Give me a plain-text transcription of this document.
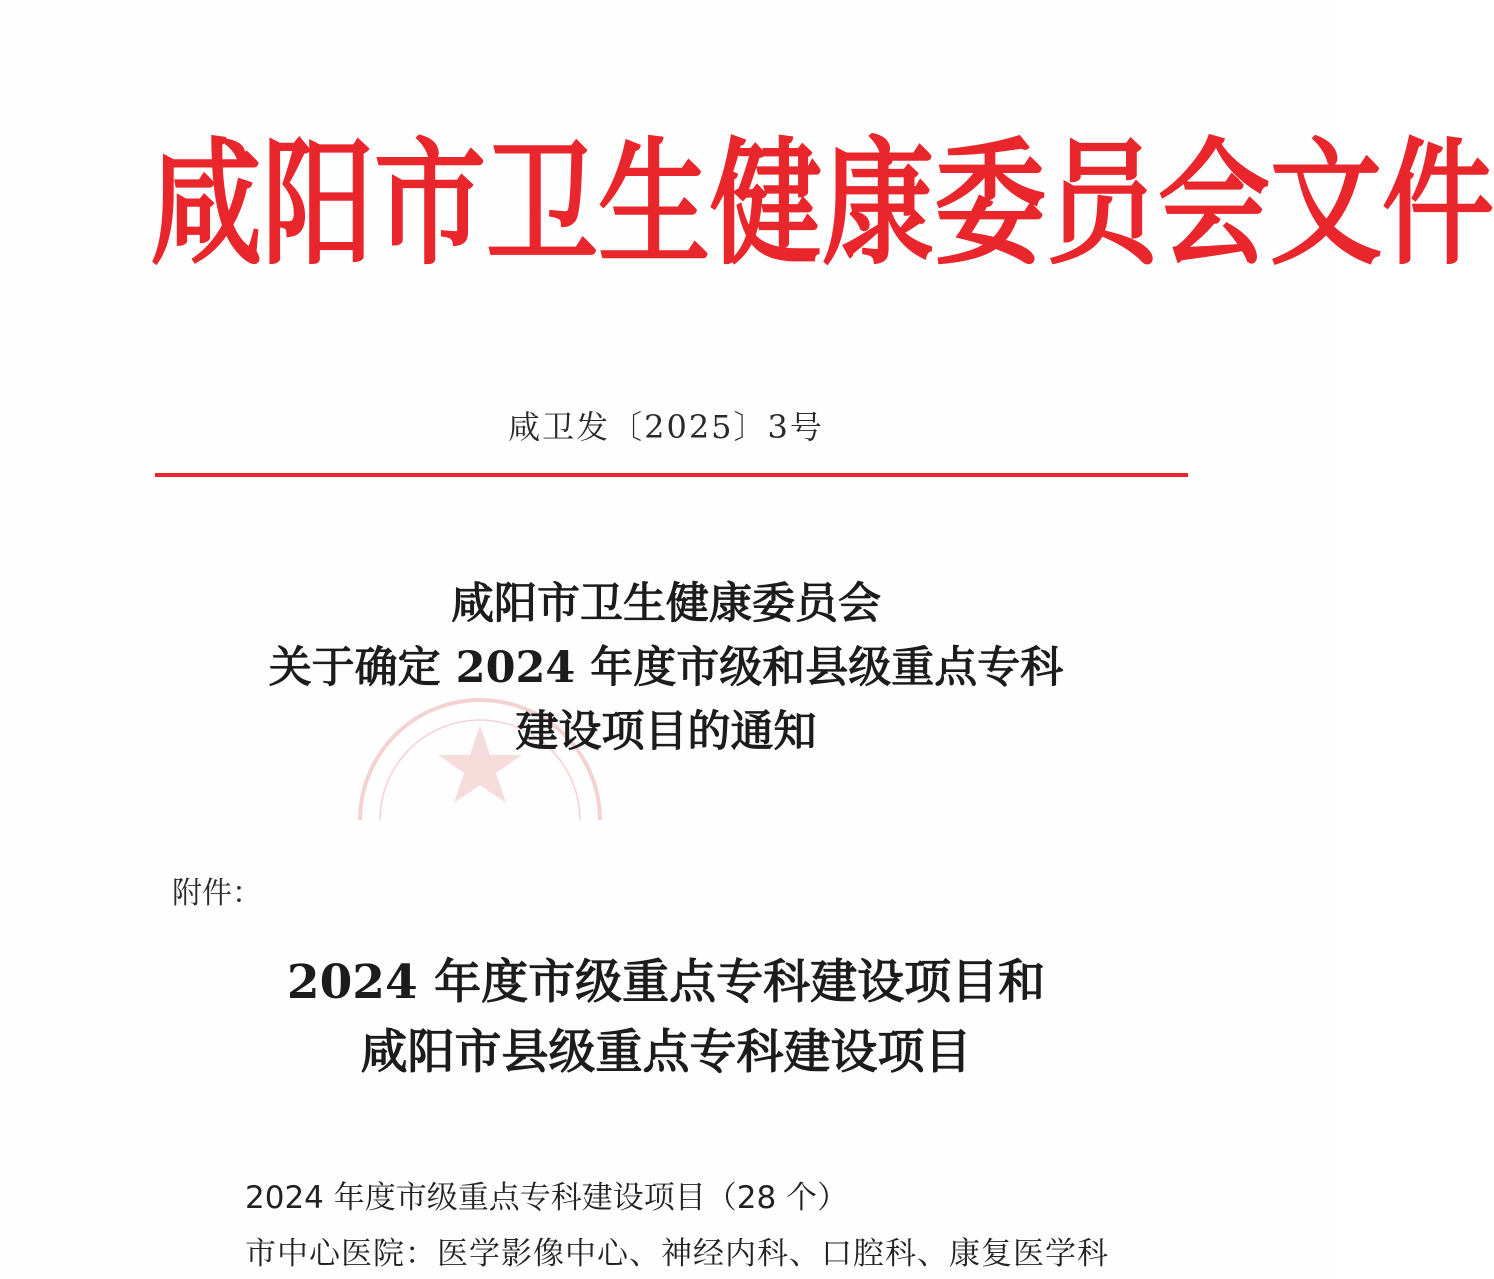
咸 阳 市 卫 生 健 康 委 员 会 文 件
咸卫发〔2025〕3号
咸阳市卫生健康委员会
关于确定 2024 年度市级和县级重点专科
建设项目的通知
附件：
2024 年度市级重点专科建设项目和
咸阳市县级重点专科建设项目
2024 年度市级重点专科建设项目（28 个）
市中心医院：医学影像中心、神经内科、口腔科、康复医学科
